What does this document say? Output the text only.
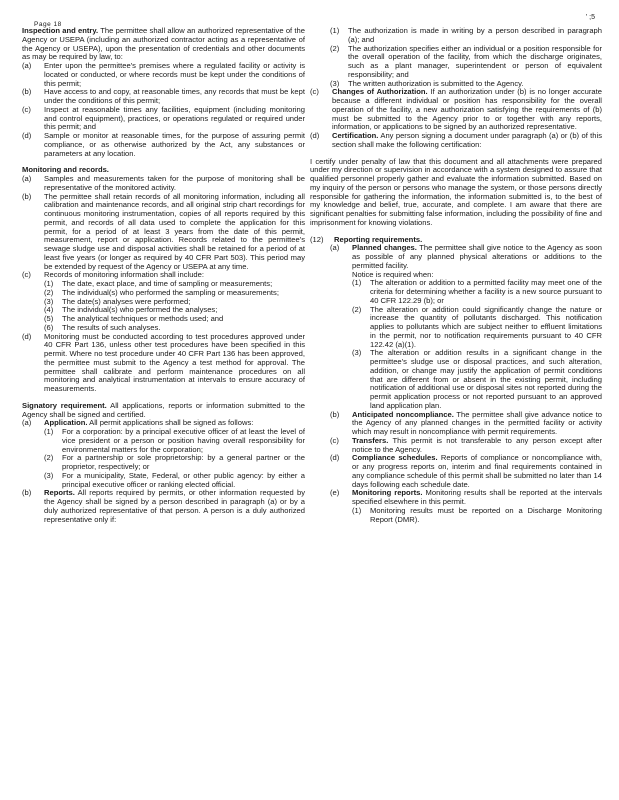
Page 18
' ;5

Inspection and entry. The permittee shall allow an authorized representative of the Agency or USEPA (including an authorized contractor acting as a representative of the Agency or USEPA), upon the presentation of credentials and other documents as may be required by law, to:

(a)	Enter upon the permittee's premises where a regulated facility or activity is located or conducted, or where records must be kept under the conditions of this permit;
(b)	Have access to and copy, at reasonable times, any records that must be kept under the conditions of this permit;
(c)	Inspect at reasonable times any facilities, equipment (including monitoring and control equipment), practices, or operations regulated or required under this permit; and
(d)	Sample or monitor at reasonable times, for the purpose of assuring permit compliance, or as otherwise authorized by the Act, any substances or parameters at any location.

Monitoring and records.

(a)	Samples and measurements taken for the purpose of monitoring shall be representative of the monitored activity.
(b)	The permittee shall retain records of all monitoring information, including all calibration and maintenance records, and all original strip chart recordings for continuous monitoring instrumentation, copies of all reports required by this permit, and records of all data used to complete the application for this permit, for a period of at least 3 years from the date of this permit, measurement, report or application. Records related to the permittee's sewage sludge use and disposal activities shall be retained for a period of at least five years (or longer as required by 40 CFR Part 503). This period may be extended by request of the Agency or USEPA at any time.
(c)	Records of monitoring information shall include:
(1)	The date, exact place, and time of sampling or measurements;
(2)	The individual(s) who performed the sampling or measurements;
(3)	The date(s) analyses were performed;
(4)	The individual(s) who performed the analyses;
(5)	The analytical techniques or methods used; and
(6)	The results of such analyses.
(d)	Monitoring must be conducted according to test procedures approved under 40 CFR Part 136, unless other test procedures have been specified in this permit. Where no test procedure under 40 CFR Part 136 has been approved, the permittee must submit to the Agency a test method for approval. The permittee shall calibrate and perform maintenance procedures on all monitoring and analytical instrumentation at intervals to ensure accuracy of measurements.

Signatory requirement. All applications, reports or information submitted to the Agency shall be signed and certified.

(a)	Application. All permit applications shall be signed as follows:
(1)	For a corporation: by a principal executive officer of at least the level of vice president or a person or position having overall responsibility for environmental matters for the corporation;
(2)	For a partnership or sole proprietorship: by a general partner or the proprietor, respectively; or
(3)	For a municipality, State, Federal, or other public agency: by either a principal executive officer or ranking elected official.
(b)	Reports. All reports required by permits, or other information requested by the Agency shall be signed by a person described in paragraph (a) or by a duly authorized representative of that person. A person is a duly authorized representative only if:
(1)	The authorization is made in writing by a person described in paragraph (a); and
(2)	The authorization specifies either an individual or a position responsible for the overall operation of the facility, from which the discharge originates, such as a plant manager, superintendent or person of equivalent responsibility; and
(3)	The written authorization is submitted to the Agency.
(c)	Changes of Authorization. If an authorization under (b) is no longer accurate because a different individual or position has responsibility for the overall operation of the facility, a new authorization satisfying the requirements of (b) must be submitted to the Agency prior to or together with any reports, information, or applications to be signed by an authorized representative.
(d)	Certification. Any person signing a document under paragraph (a) or (b) of this section shall make the following certification:

I certify under penalty of law that this document and all attachments were prepared under my direction or supervision in accordance with a system designed to assure that qualified personnel properly gather and evaluate the information submitted. Based on my inquiry of the person or persons who manage the system, or those persons directly responsible for gathering the information, the information submitted is, to the best of my knowledge and belief, true, accurate, and complete. I am aware that there are significant penalties for submitting false information, including the possibility of fine and imprisonment for knowing violations.

(12)	Reporting requirements.
(a)	Planned changes. The permittee shall give notice to the Agency as soon as possible of any planned physical alterations or additions to the permitted facility.
Notice is required when:
(1)	The alteration or addition to a permitted facility may meet one of the criteria for determining whether a facility is a new source pursuant to 40 CFR 122.29 (b); or
(2)	The alteration or addition could significantly change the nature or increase the quantity of pollutants discharged. This notification applies to pollutants which are subject neither to effluent limitations in the permit, nor to notification requirements pursuant to 40 CFR 122.42 (a)(1).
(3)	The alteration or addition results in a significant change in the permittee's sludge use or disposal practices, and such alteration, addition, or change may justify the application of permit conditions that are different from or absent in the existing permit, including notification of additional use or disposal sites not reported during the permit application process or not reported pursuant to an approved land application plan.
(b)	Anticipated noncompliance. The permittee shall give advance notice to the Agency of any planned changes in the permitted facility or activity which may result in noncompliance with permit requirements.
(c)	Transfers. This permit is not transferable to any person except after notice to the Agency.
(d)	Compliance schedules. Reports of compliance or noncompliance with, or any progress reports on, interim and final requirements contained in any compliance schedule of this permit shall be submitted no later than 14 days following each schedule date.
(e)	Monitoring reports. Monitoring results shall be reported at the intervals specified elsewhere in this permit.
(1)	Monitoring results must be reported on a Discharge Monitoring Report (DMR).
